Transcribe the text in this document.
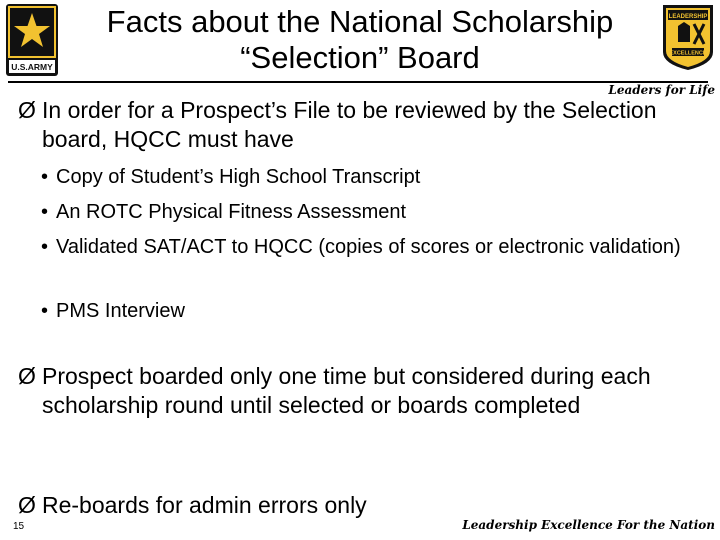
U.S.ARMY
Facts about the National Scholarship
“Selection” Board
LEADERSHIP
EXCELLENCE
Leaders for Life
Ø In order for a Prospect’s File to be reviewed by the Selection board, HQCC must have
• Copy of Student’s High School Transcript
• An ROTC Physical Fitness Assessment
• Validated SAT/ACT to HQCC (copies of scores or electronic validation)
• PMS Interview
Ø Prospect boarded only one time but considered during each scholarship round until selected or boards completed
Ø Re-boards for admin errors only
15	Leadership Excellence For the Nation
